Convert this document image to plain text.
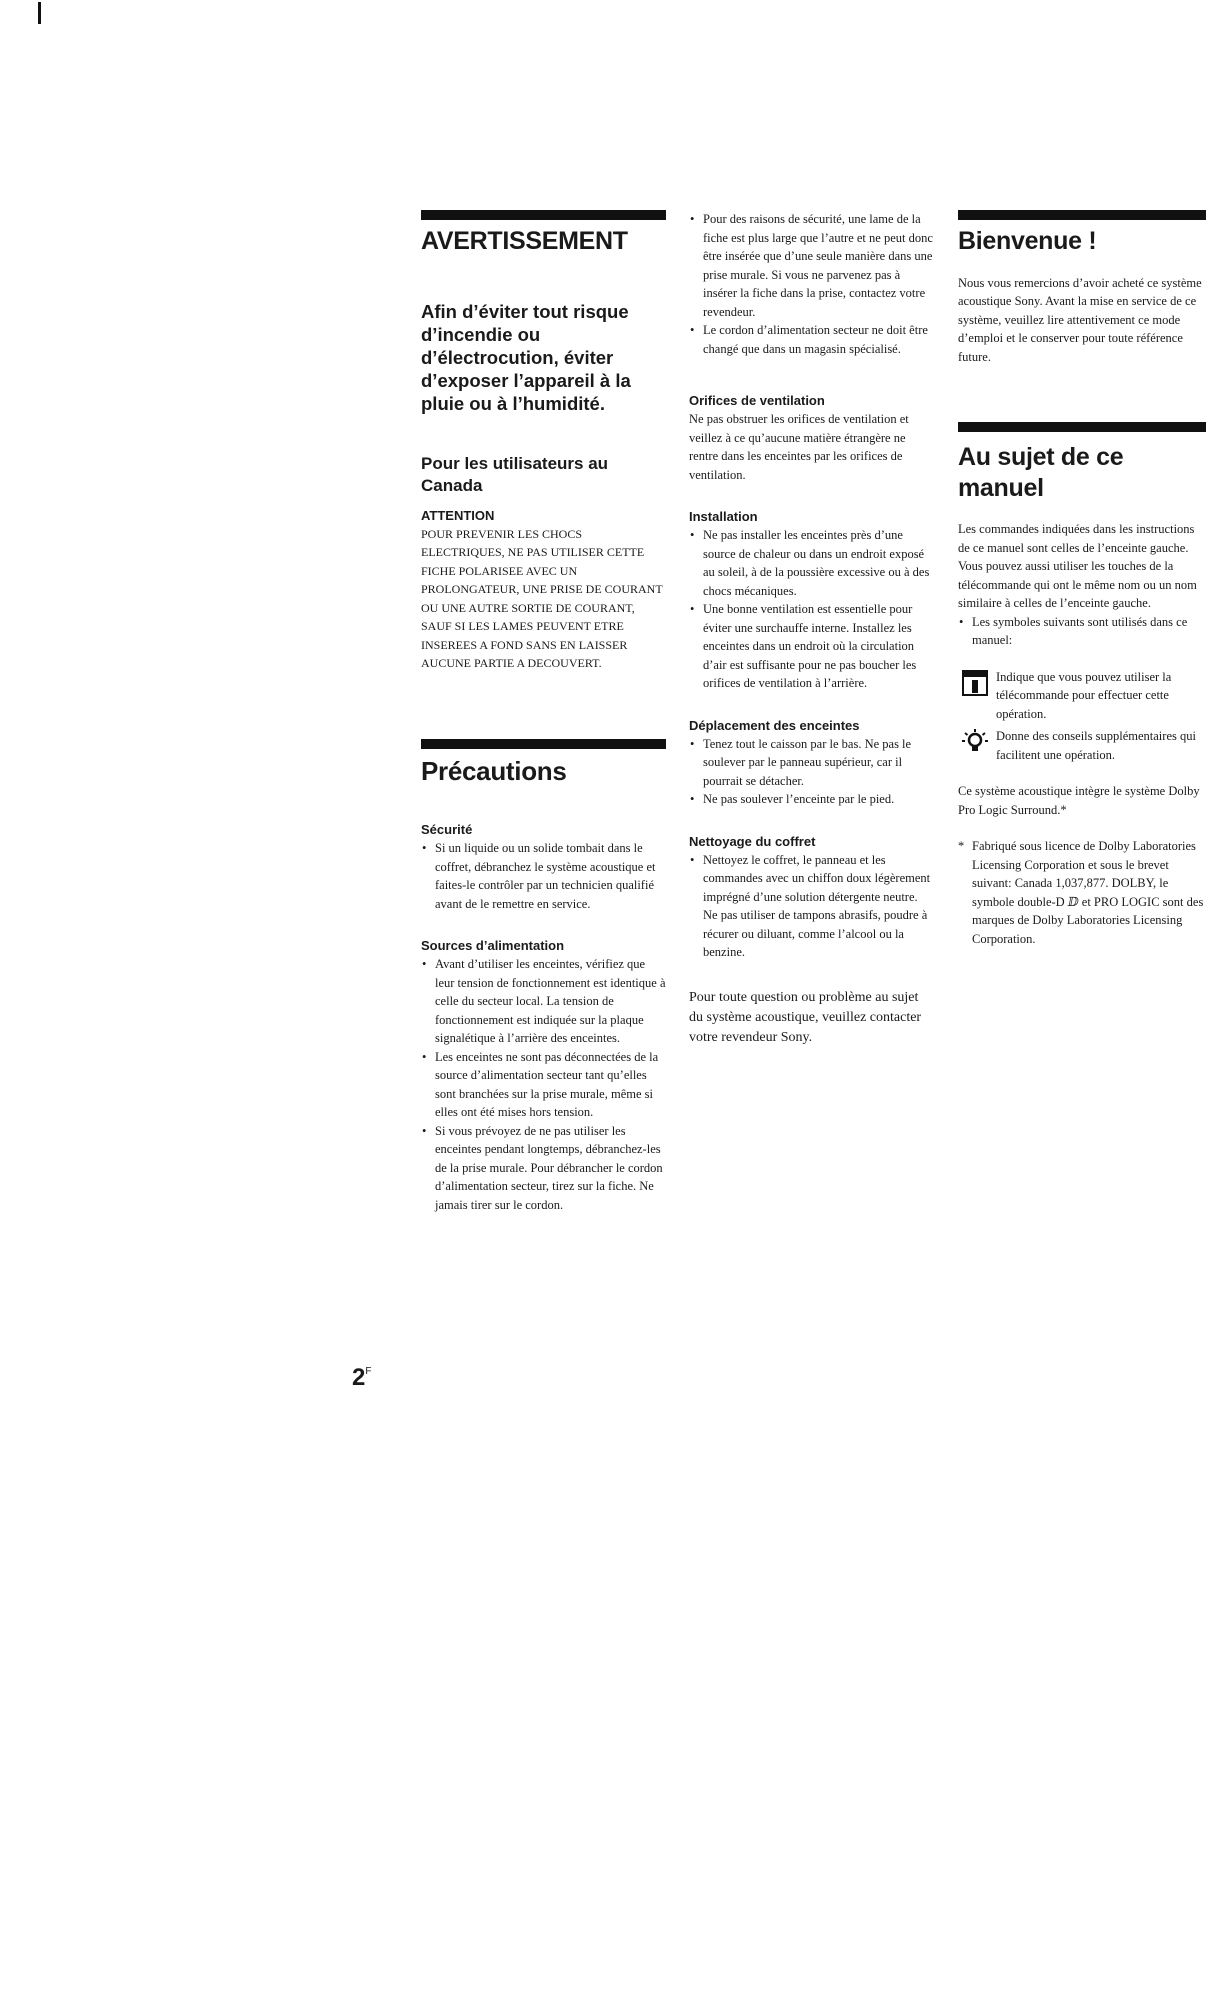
AVERTISSEMENT
Afin d’éviter tout risque d’incendie ou d’électrocution, éviter d’exposer l’appareil à la pluie ou à l’humidité.
Pour les utilisateurs au Canada
ATTENTION

POUR PREVENIR LES CHOCS ELECTRIQUES, NE PAS UTILISER CETTE FICHE POLARISEE AVEC UN PROLONGATEUR, UNE PRISE DE COURANT OU UNE AUTRE SORTIE DE COURANT, SAUF SI LES LAMES PEUVENT ETRE INSEREES A FOND SANS EN LAISSER AUCUNE PARTIE A DECOUVERT.

Précautions
Sécurité
• Si un liquide ou un solide tombait dans le coffret, débranchez le système acoustique et faites-le contrôler par un technicien qualifié avant de le remettre en service.
Sources d’alimentation
• Avant d’utiliser les enceintes, vérifiez que leur tension de fonctionnement est identique à celle du secteur local. La tension de fonctionnement est indiquée sur la plaque signalétique à l’arrière des enceintes.
• Les enceintes ne sont pas déconnectées de la source d’alimentation secteur tant qu’elles sont branchées sur la prise murale, même si elles ont été mises hors tension.
• Si vous prévoyez de ne pas utiliser les enceintes pendant longtemps, débranchez-les de la prise murale. Pour débrancher le cordon d’alimentation secteur, tirez sur la fiche. Ne jamais tirer sur le cordon.
• Pour des raisons de sécurité, une lame de la fiche est plus large que l’autre et ne peut donc être insérée que d’une seule manière dans une prise murale. Si vous ne parvenez pas à insérer la fiche dans la prise, contactez votre revendeur.
• Le cordon d’alimentation secteur ne doit être changé que dans un magasin spécialisé.
Orifices de ventilation

Ne pas obstruer les orifices de ventilation et veillez à ce qu’aucune matière étrangère ne rentre dans les enceintes par les orifices de ventilation.

Installation
• Ne pas installer les enceintes près d’une source de chaleur ou dans un endroit exposé au soleil, à de la poussière excessive ou à des chocs mécaniques.
• Une bonne ventilation est essentielle pour éviter une surchauffe interne. Installez les enceintes dans un endroit où la circulation d’air est suffisante pour ne pas boucher les orifices de ventilation à l’arrière.
Déplacement des enceintes
• Tenez tout le caisson par le bas. Ne pas le soulever par le panneau supérieur, car il pourrait se détacher.
• Ne pas soulever l’enceinte par le pied.
Nettoyage du coffret
• Nettoyez le coffret, le panneau et les commandes avec un chiffon doux légèrement imprégné d’une solution détergente neutre. Ne pas utiliser de tampons abrasifs, poudre à récurer ou diluant, comme l’alcool ou la benzine.

Pour toute question ou problème au sujet du système acoustique, veuillez contacter votre revendeur Sony.

Bienvenue !

Nous vous remercions d’avoir acheté ce système acoustique Sony. Avant la mise en service de ce système, veuillez lire attentivement ce mode d’emploi et le conserver pour toute référence future.

Au sujet de ce manuel

Les commandes indiquées dans les instructions de ce manuel sont celles de l’enceinte gauche. Vous pouvez aussi utiliser les touches de la télécommande qui ont le même nom ou un nom similaire à celles de l’enceinte gauche.

• Les symboles suivants sont utilisés dans ce manuel:
Indique que vous pouvez utiliser la télécommande pour effectuer cette opération.
Donne des conseils supplémentaires qui facilitent une opération.

Ce système acoustique intègre le système Dolby Pro Logic Surround.*

* Fabriqué sous licence de Dolby Laboratories Licensing Corporation et sous le brevet suivant: Canada 1,037,877. DOLBY, le symbole double-D ⅅ et PRO LOGIC sont des marques de Dolby Laboratories Licensing Corporation.
$2^F$
